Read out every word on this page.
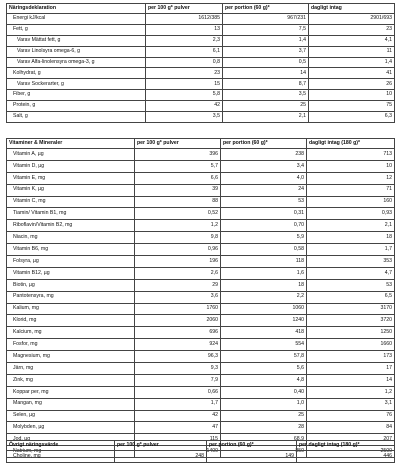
Näringsdeklaration	per 100 g* pulver	per portion (60 g)*	dagligt intag
Energi kJ/kcal	1612/385	967/231	2901/693
Fett, g	13	7,5	23
Varav Mättat fett, g	2,3	1,4	4,1
Varav Linolsyra omega-6, g	6,1	3,7	11
Varav Alfa-linolensyra omega-3, g	0,8	0,5	1,4
Kolhydrat, g	23	14	41
Varav Sockerarter, g	15	8,7	26
Fiber, g	5,8	3,5	10
Protein, g	42	25	75
Salt, g	3,5	2,1	6,3
Vitaminer & Mineraler	per 100 g* pulver	per portion (60 g)*	dagligt intag (180 g)*
Vitamin A, µg	396	238	713
Vitamin D, µg	5,7	3,4	10
Vitamin E, mg	6,6	4,0	12
Vitamin K, µg	39	24	71
Vitamin C, mg	88	53	160
Tiamin/ Vitamin B1, mg	0,52	0,31	0,93
Riboflavin/Vitamin B2, mg	1,2	0,70	2,1
Niacin, mg	9,8	5,9	18
Vitamin B6, mg	0,96	0,58	1,7
Folsyra, µg	196	118	353
Vitamin B12, µg	2,6	1,6	4,7
Biotin, µg	29	18	53
Pantotensyra, mg	3,6	2,2	6,5
Kalium, mg	1760	1060	3170
Klorid, mg	2060	1240	3720
Kalcium, mg	696	418	1250
Fosfor, mg	924	554	1660
Magnesium, mg	96,3	57,8	173
Järn, mg	9,3	5,6	17
Zink, mg	7,9	4,8	14
Koppar per, mg	0,66	0,40	1,2
Mangan, mg	1,7	1,0	3,1
Selen, µg	42	25	76
Molybden, µg	47	28	84
Jod, µg	115	68,9	207
Natrium, mg	1400	850	2500
Övrigt näringsvärde	per 100 g* pulver	per portion (60 g)*	per dagligt intag (180 g)*
Choline, mg	248	149	446
